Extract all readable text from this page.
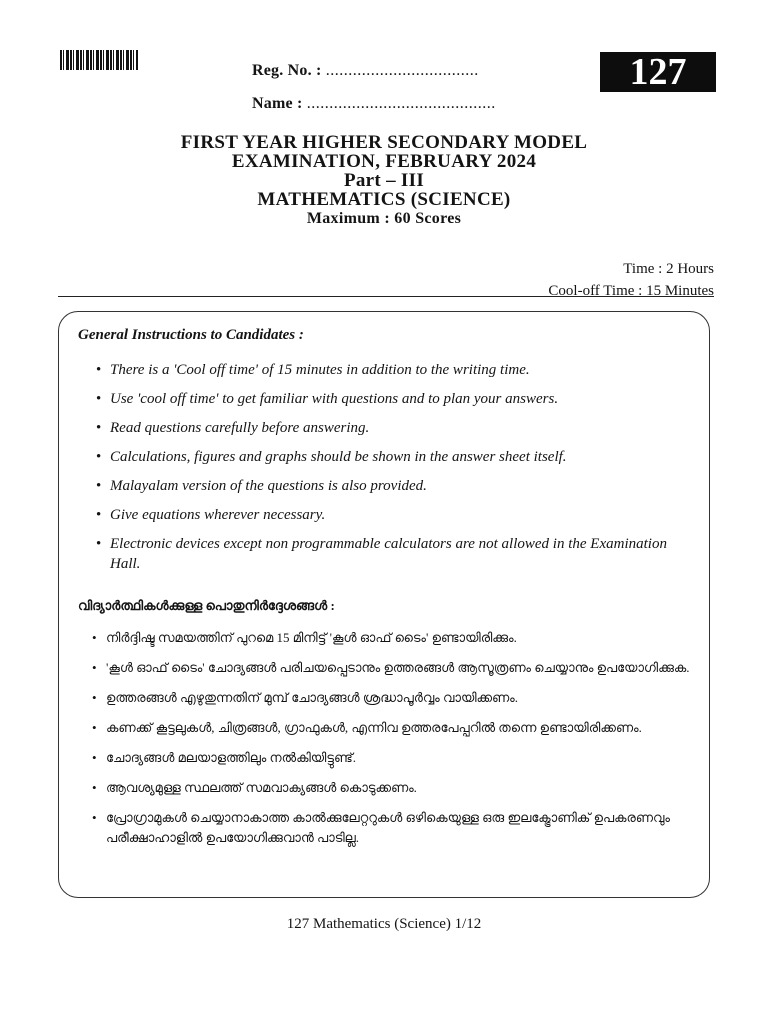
Reg. No. : ..................................
Name : ..........................................
127
FIRST YEAR HIGHER SECONDARY MODEL
EXAMINATION, FEBRUARY 2024
Part – III
MATHEMATICS (SCIENCE)
Maximum : 60 Scores
Time : 2 Hours
Cool-off Time : 15 Minutes
General Instructions to Candidates :
• There is a 'Cool off time' of 15 minutes in addition to the writing time.
• Use 'cool off time' to get familiar with questions and to plan your answers.
• Read questions carefully before answering.
• Calculations, figures and graphs should be shown in the answer sheet itself.
• Malayalam version of the questions is also provided.
• Give equations wherever necessary.
• Electronic devices except non programmable calculators are not allowed in the Examination Hall.
വിദ്യാർത്ഥികൾക്കുള്ള പൊതുനിർദ്ദേശങ്ങൾ :
• നിർദ്ദിഷ്ട സമയത്തിന് പുറമെ 15 മിനിട്ട് 'കൂൾ ഓഫ് ടൈം' ഉണ്ടായിരിക്കും.
• 'കൂൾ ഓഫ് ടൈം' ചോദ്യങ്ങൾ പരിചയപ്പെടാനും ഉത്തരങ്ങൾ ആസൂത്രണം ചെയ്യാനും ഉപയോഗിക്കുക.
• ഉത്തരങ്ങൾ എഴുതുന്നതിന് മുമ്പ് ചോദ്യങ്ങൾ ശ്രദ്ധാപൂർവ്വം വായിക്കണം.
• കണക്ക് കൂട്ടലുകൾ, ചിത്രങ്ങൾ, ഗ്രാഫുകൾ, എന്നിവ ഉത്തരപേപ്പറിൽ തന്നെ ഉണ്ടായിരിക്കണം.
• ചോദ്യങ്ങൾ മലയാളത്തിലും നൽകിയിട്ടുണ്ട്.
• ആവശ്യമുള്ള സ്ഥലത്ത് സമവാക്യങ്ങൾ കൊടുക്കണം.
• പ്രോഗ്രാമുകൾ ചെയ്യാനാകാത്ത കാൽക്കുലേറ്ററുകൾ ഒഴികെയുള്ള ഒരു ഇലക്ട്രോണിക് ഉപകരണവും പരീക്ഷാഹാളിൽ ഉപയോഗിക്കുവാൻ പാടില്ല.
127 Mathematics (Science) 1/12
